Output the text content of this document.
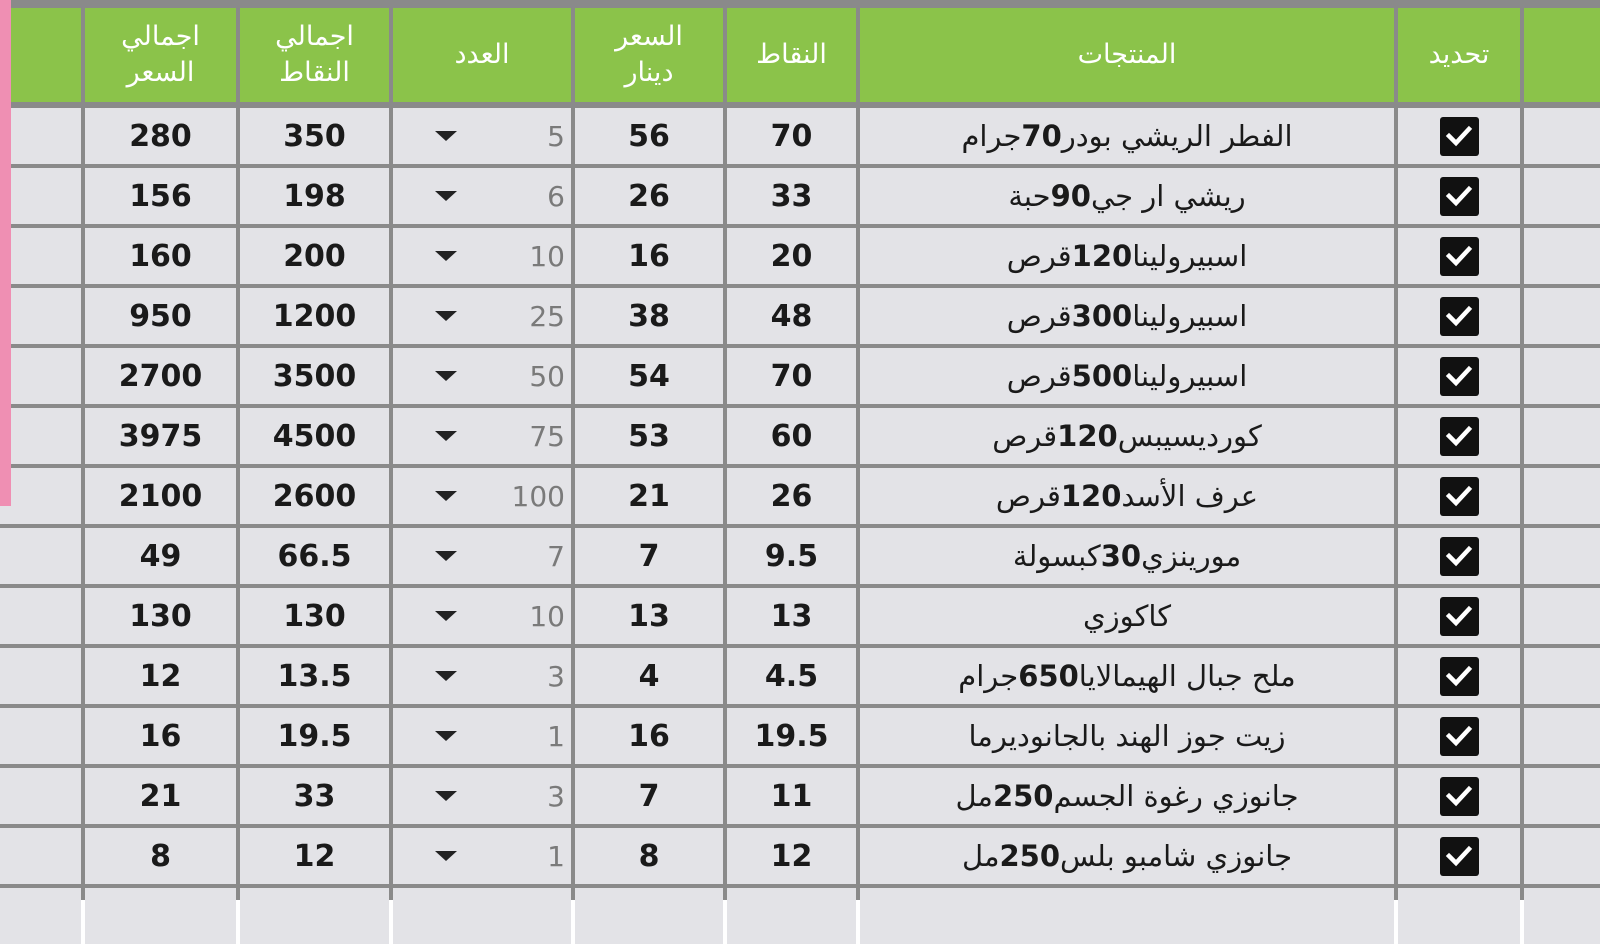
تحديد
المنتجات
النقاط
السعر
دينار
العدد
اجمالي
النقاط
اجمالي
السعر
الفطر الريشي بودر
70
جرام
70
56
5
350
280
ريشي ار جي
90
حبة
33
26
6
198
156
اسبيرولينا
120
قرص
20
16
10
200
160
اسبيرولينا
300
قرص
48
38
25
1200
950
اسبيرولينا
500
قرص
70
54
50
3500
2700
كورديسيبس
120
قرص
60
53
75
4500
3975
عرف الأسد
120
قرص
26
21
100
2600
2100
مورينزي
30
كبسولة
9.5
7
7
66.5
49
كاكوزي
13
13
10
130
130
ملح جبال الهيمالايا
650
جرام
4.5
4
3
13.5
12
زيت جوز الهند بالجانوديرما
19.5
16
1
19.5
16
جانوزي رغوة الجسم
250
مل
11
7
3
33
21
جانوزي شامبو بلس
250
مل
12
8
1
12
8
